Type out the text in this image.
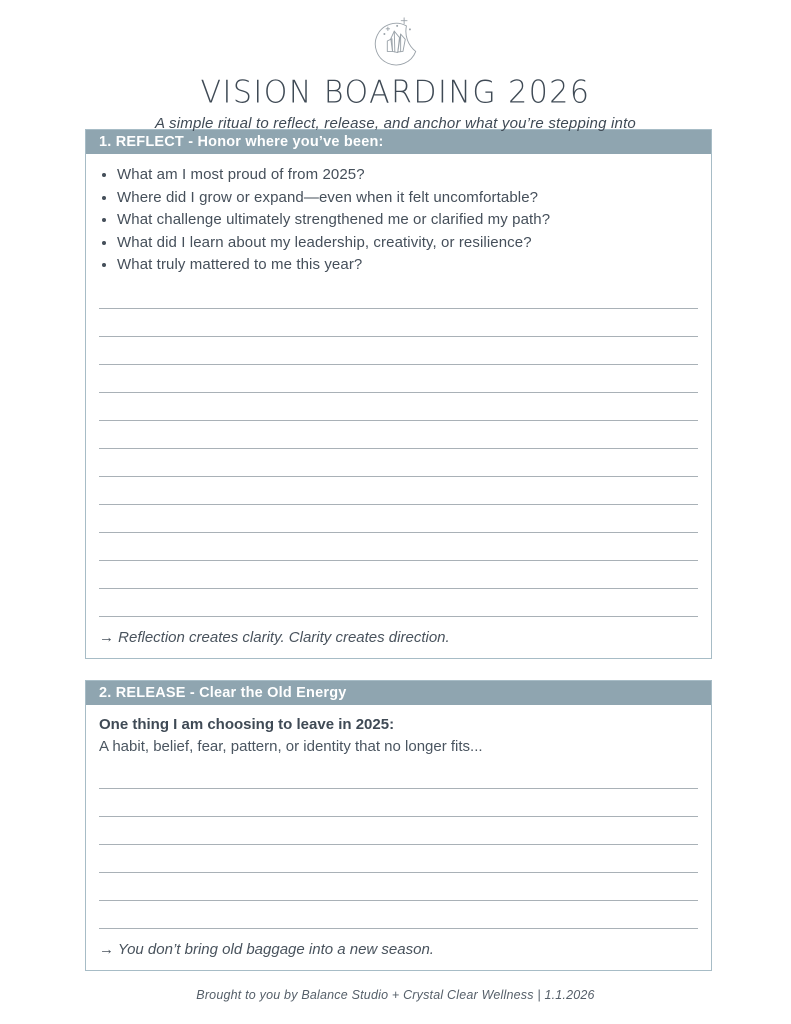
VISION BOARDING 2026
A simple ritual to reflect, release, and anchor what you’re stepping into
1. REFLECT - Honor where you’ve been:
• What am I most proud of from 2025?
• Where did I grow or expand—even when it felt uncomfortable?
• What challenge ultimately strengthened me or clarified my path?
• What did I learn about my leadership, creativity, or resilience?
• What truly mattered to me this year?
→ Reflection creates clarity. Clarity creates direction.
2. RELEASE - Clear the Old Energy
One thing I am choosing to leave in 2025:
A habit, belief, fear, pattern, or identity that no longer fits...
→ You don’t bring old baggage into a new season.
Brought to you by Balance Studio + Crystal Clear Wellness | 1.1.2026
